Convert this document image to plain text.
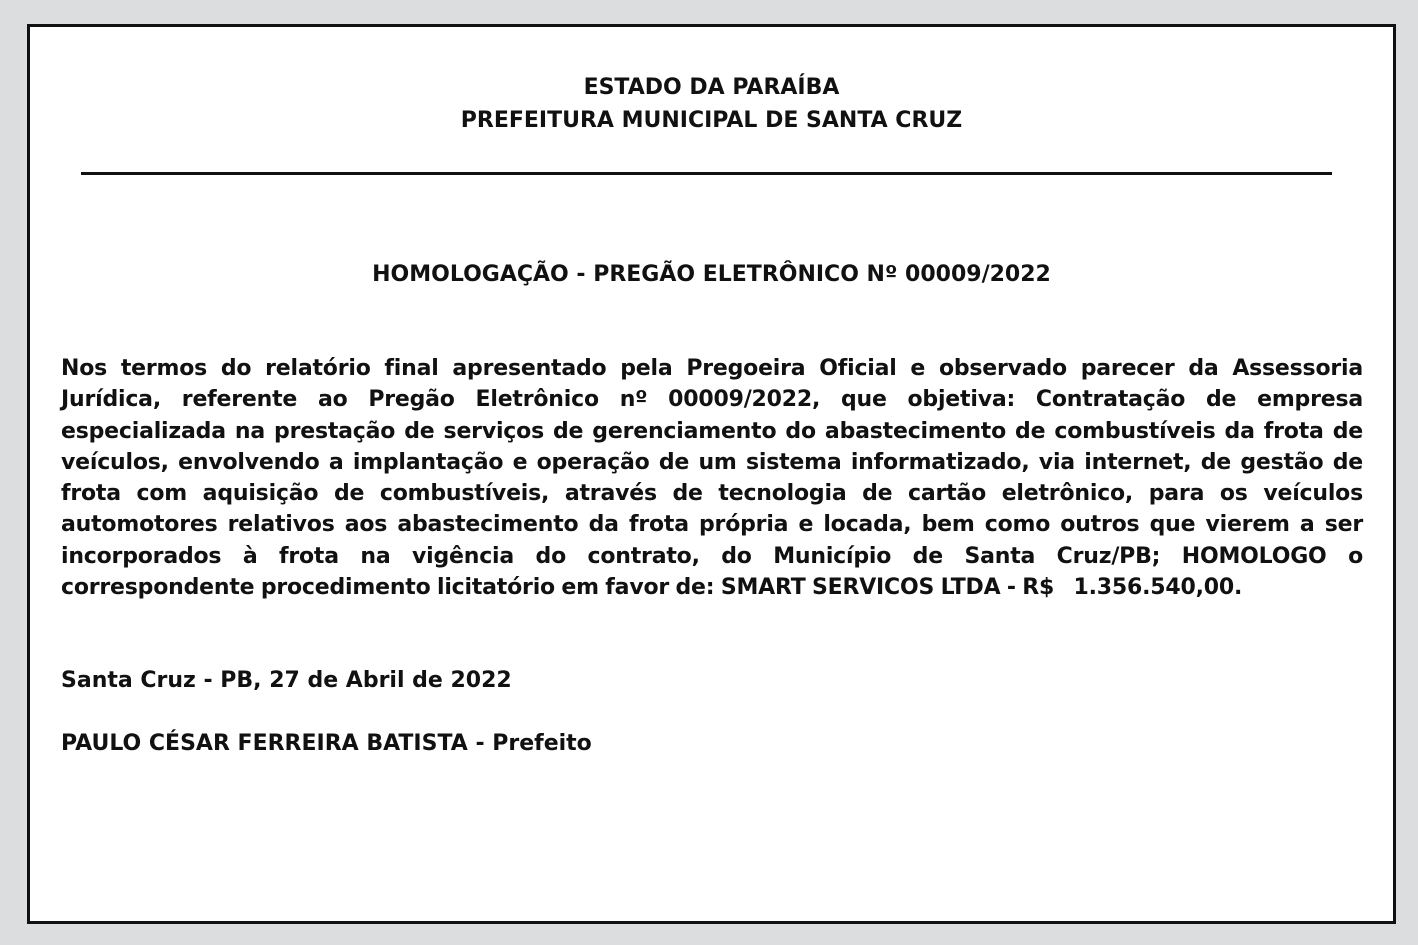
ESTADO DA PARAÍBA
PREFEITURA MUNICIPAL DE SANTA CRUZ
HOMOLOGAÇÃO - PREGÃO ELETRÔNICO Nº 00009/2022
Nos termos do relatório final apresentado pela Pregoeira Oficial e observado parecer da Assessoria Jurídica, referente ao Pregão Eletrônico nº 00009/2022, que objetiva: Contratação de empresa especializada na prestação de serviços de gerenciamento do abastecimento de combustíveis da frota de veículos, envolvendo a implantação e operação de um sistema informatizado, via internet, de gestão de frota com aquisição de combustíveis, através de tecnologia de cartão eletrônico, para os veículos automotores relativos aos abastecimento da frota própria e locada, bem como outros que vierem a ser incorporados à frota na vigência do contrato, do Município de Santa Cruz/PB; HOMOLOGO o correspondente procedimento licitatório em favor de: SMART SERVICOS LTDA - R$   1.356.540,00.
Santa Cruz - PB, 27 de Abril de 2022
PAULO CÉSAR FERREIRA BATISTA - Prefeito
